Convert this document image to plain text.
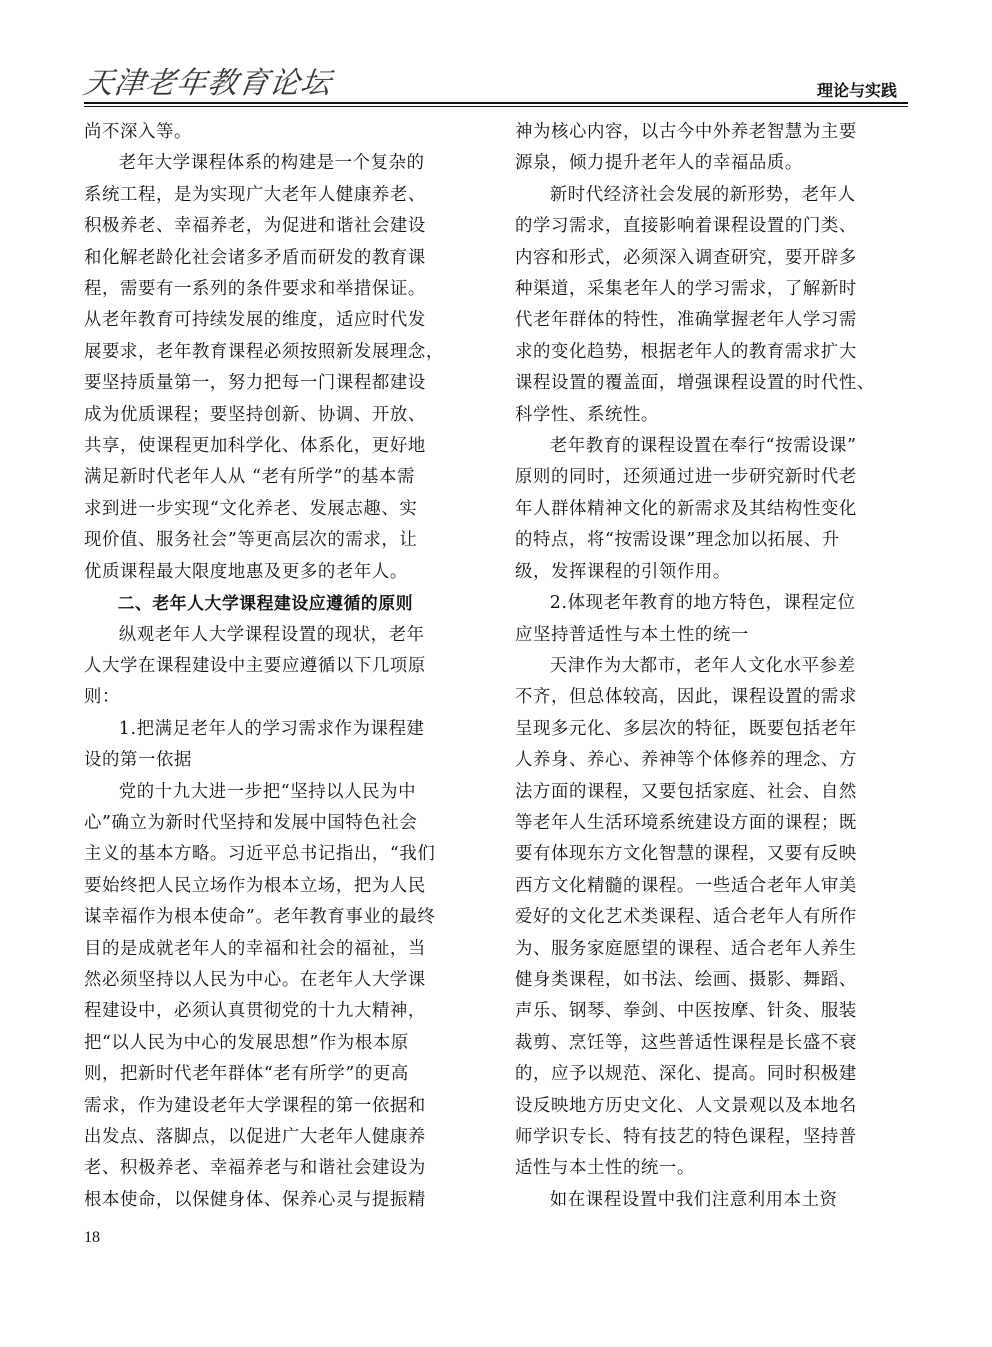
天津老年教育论坛	理论与实践

尚不深入等。

老年大学课程体系的构建是一个复杂的
系统工程，是为实现广大老年人健康养老、
积极养老、幸福养老，为促进和谐社会建设
和化解老龄化社会诸多矛盾而研发的教育课
程，需要有一系列的条件要求和举措保证。
从老年教育可持续发展的维度，适应时代发
展要求，老年教育课程必须按照新发展理念，
要坚持质量第一，努力把每一门课程都建设
成为优质课程；要坚持创新、协调、开放、
共享，使课程更加科学化、体系化，更好地
满足新时代老年人从 “老有所学”的基本需
求到进一步实现“文化养老、发展志趣、实
现价值、服务社会”等更高层次的需求，让
优质课程最大限度地惠及更多的老年人。

二、老年人大学课程建设应遵循的原则

纵观老年人大学课程设置的现状，老年
人大学在课程建设中主要应遵循以下几项原
则：

1.把满足老年人的学习需求作为课程建
设的第一依据

党的十九大进一步把“坚持以人民为中
心”确立为新时代坚持和发展中国特色社会
主义的基本方略。习近平总书记指出，“我们
要始终把人民立场作为根本立场，把为人民
谋幸福作为根本使命”。老年教育事业的最终
目的是成就老年人的幸福和社会的福祉，当
然必须坚持以人民为中心。在老年人大学课
程建设中，必须认真贯彻党的十九大精神，
把“以人民为中心的发展思想”作为根本原
则，把新时代老年群体“老有所学”的更高
需求，作为建设老年大学课程的第一依据和
出发点、落脚点，以促进广大老年人健康养
老、积极养老、幸福养老与和谐社会建设为
根本使命，以保健身体、保养心灵与提振精

神为核心内容，以古今中外养老智慧为主要
源泉，倾力提升老年人的幸福品质。

新时代经济社会发展的新形势，老年人
的学习需求，直接影响着课程设置的门类、
内容和形式，必须深入调查研究，要开辟多
种渠道，采集老年人的学习需求，了解新时
代老年群体的特性，准确掌握老年人学习需
求的变化趋势，根据老年人的教育需求扩大
课程设置的覆盖面，增强课程设置的时代性、
科学性、系统性。

老年教育的课程设置在奉行“按需设课”
原则的同时，还须通过进一步研究新时代老
年人群体精神文化的新需求及其结构性变化
的特点，将“按需设课”理念加以拓展、升
级，发挥课程的引领作用。

2.体现老年教育的地方特色，课程定位
应坚持普适性与本土性的统一

天津作为大都市，老年人文化水平参差
不齐，但总体较高，因此，课程设置的需求
呈现多元化、多层次的特征，既要包括老年
人养身、养心、养神等个体修养的理念、方
法方面的课程，又要包括家庭、社会、自然
等老年人生活环境系统建设方面的课程；既
要有体现东方文化智慧的课程，又要有反映
西方文化精髓的课程。一些适合老年人审美
爱好的文化艺术类课程、适合老年人有所作
为、服务家庭愿望的课程、适合老年人养生
健身类课程，如书法、绘画、摄影、舞蹈、
声乐、钢琴、拳剑、中医按摩、针灸、服装
裁剪、烹饪等，这些普适性课程是长盛不衰
的，应予以规范、深化、提高。同时积极建
设反映地方历史文化、人文景观以及本地名
师学识专长、特有技艺的特色课程，坚持普
适性与本土性的统一。

如在课程设置中我们注意利用本土资

18
